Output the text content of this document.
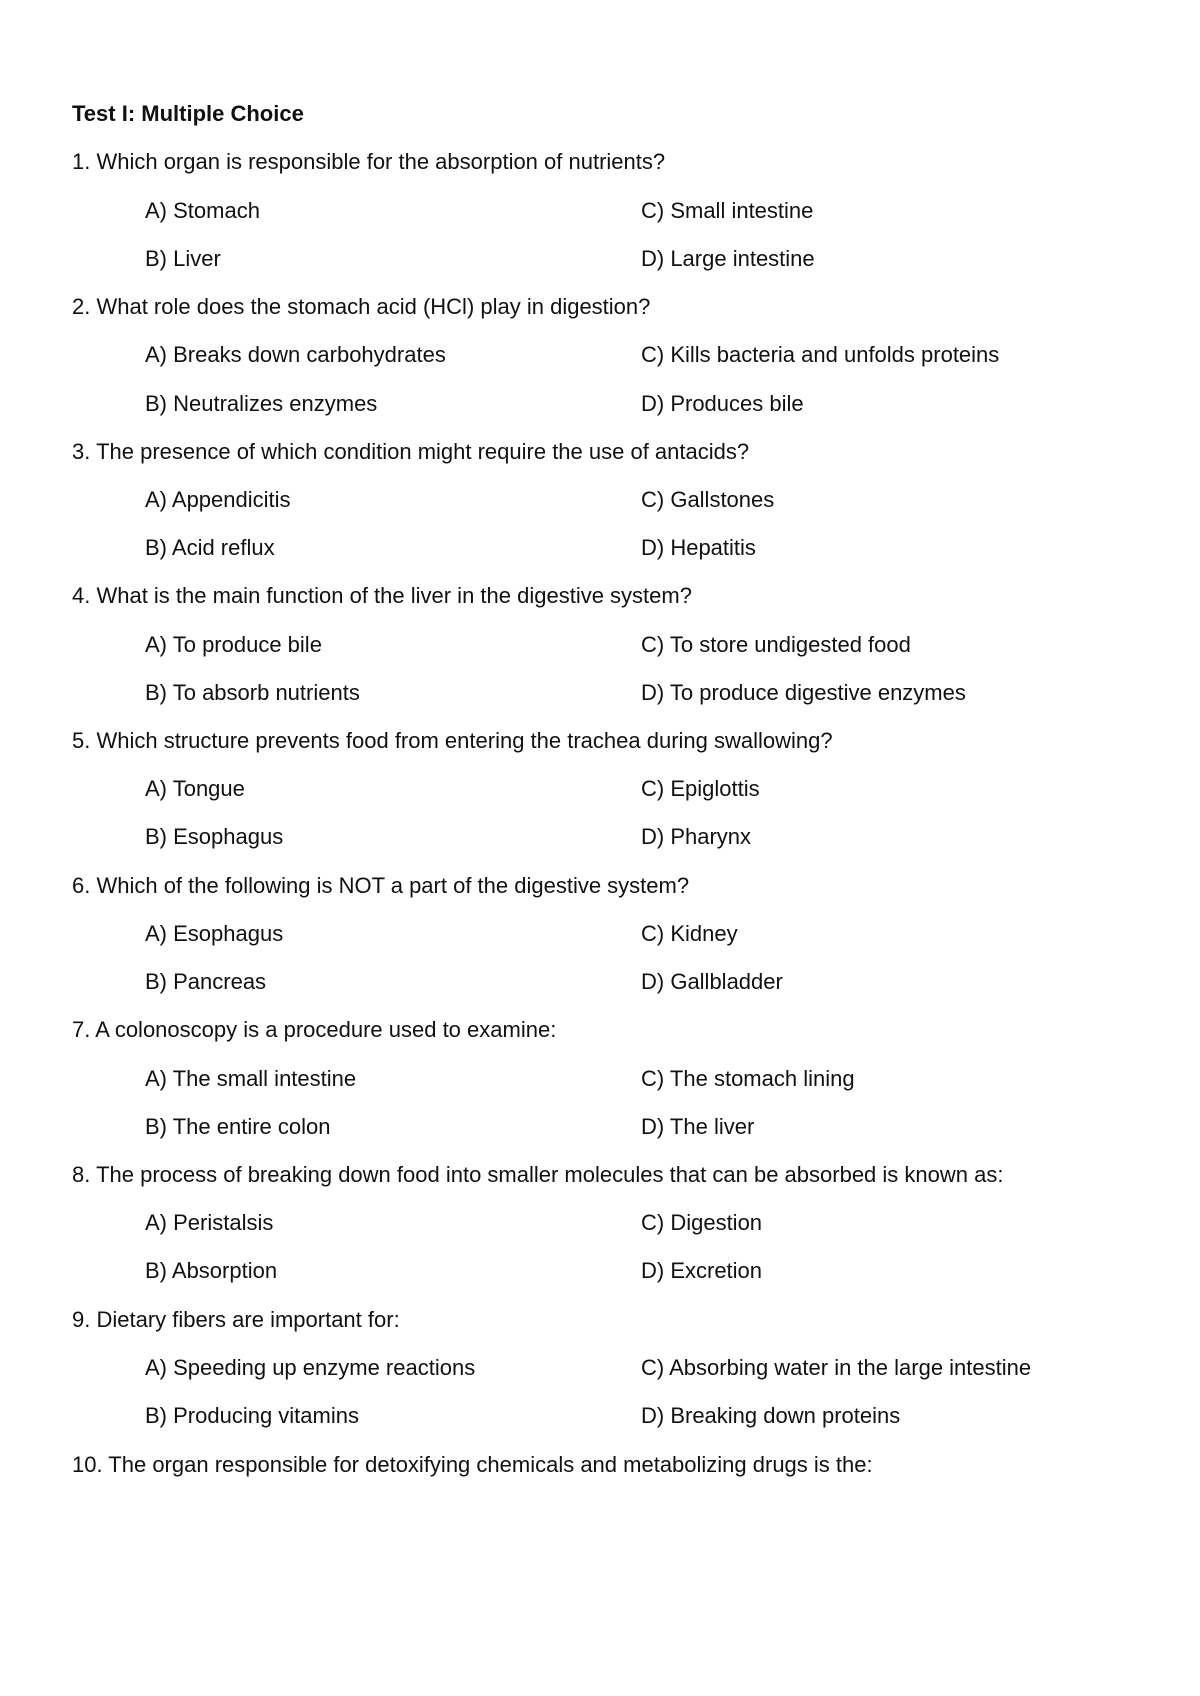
Test I: Multiple Choice
1. Which organ is responsible for the absorption of nutrients?
A) Stomach	C) Small intestine
B) Liver	D) Large intestine
2. What role does the stomach acid (HCl) play in digestion?
A) Breaks down carbohydrates	C) Kills bacteria and unfolds proteins
B) Neutralizes enzymes	D) Produces bile
3. The presence of which condition might require the use of antacids?
A) Appendicitis	C) Gallstones
B) Acid reflux	D) Hepatitis
4. What is the main function of the liver in the digestive system?
A) To produce bile	C) To store undigested food
B) To absorb nutrients	D) To produce digestive enzymes
5. Which structure prevents food from entering the trachea during swallowing?
A) Tongue	C) Epiglottis
B) Esophagus	D) Pharynx
6. Which of the following is NOT a part of the digestive system?
A) Esophagus	C) Kidney
B) Pancreas	D) Gallbladder
7. A colonoscopy is a procedure used to examine:
A) The small intestine	C) The stomach lining
B) The entire colon	D) The liver
8. The process of breaking down food into smaller molecules that can be absorbed is known as:
A) Peristalsis	C) Digestion
B) Absorption	D) Excretion
9. Dietary fibers are important for:
A) Speeding up enzyme reactions	C) Absorbing water in the large intestine
B) Producing vitamins	D) Breaking down proteins
10. The organ responsible for detoxifying chemicals and metabolizing drugs is the:
